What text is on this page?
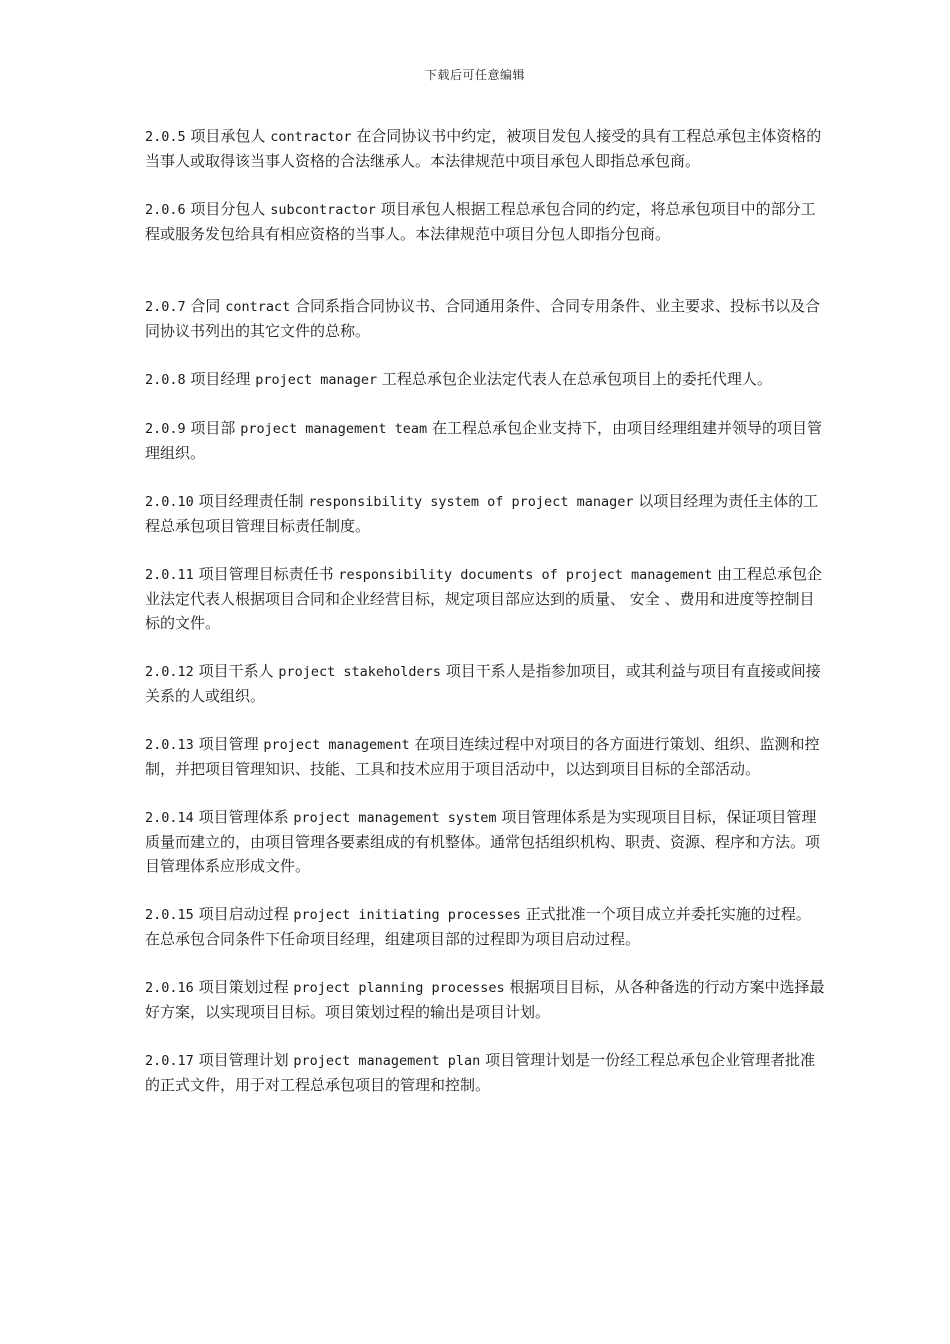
下载后可任意编辑

2.0.5 项目承包人 contractor 在合同协议书中约定，被项目发包人接受的具有工程总承包主体资格的当事人或取得该当事人资格的合法继承人。本法律规范中项目承包人即指总承包商。

2.0.6 项目分包人 subcontractor 项目承包人根据工程总承包合同的约定，将总承包项目中的部分工程或服务发包给具有相应资格的当事人。本法律规范中项目分包人即指分包商。

2.0.7 合同 contract 合同系指合同协议书、合同通用条件、合同专用条件、业主要求、投标书以及合同协议书列出的其它文件的总称。

2.0.8 项目经理 project manager 工程总承包企业法定代表人在总承包项目上的委托代理人。

2.0.9 项目部 project management team 在工程总承包企业支持下，由项目经理组建并领导的项目管理组织。

2.0.10 项目经理责任制 responsibility system of project manager 以项目经理为责任主体的工程总承包项目管理目标责任制度。

2.0.11 项目管理目标责任书 responsibility documents of project management 由工程总承包企业法定代表人根据项目合同和企业经营目标，规定项目部应达到的质量、 安全 、费用和进度等控制目标的文件。

2.0.12 项目干系人 project stakeholders 项目干系人是指参加项目，或其利益与项目有直接或间接关系的人或组织。

2.0.13 项目管理 project management 在项目连续过程中对项目的各方面进行策划、组织、监测和控制，并把项目管理知识、技能、工具和技术应用于项目活动中，以达到项目目标的全部活动。

2.0.14 项目管理体系 project management system 项目管理体系是为实现项目目标，保证项目管理质量而建立的，由项目管理各要素组成的有机整体。通常包括组织机构、职责、资源、程序和方法。项目管理体系应形成文件。

2.0.15 项目启动过程 project initiating processes 正式批准一个项目成立并委托实施的过程。在总承包合同条件下任命项目经理，组建项目部的过程即为项目启动过程。

2.0.16 项目策划过程 project planning processes 根据项目目标，从各种备选的行动方案中选择最好方案，以实现项目目标。项目策划过程的输出是项目计划。

2.0.17 项目管理计划 project management plan 项目管理计划是一份经工程总承包企业管理者批准的正式文件，用于对工程总承包项目的管理和控制。
